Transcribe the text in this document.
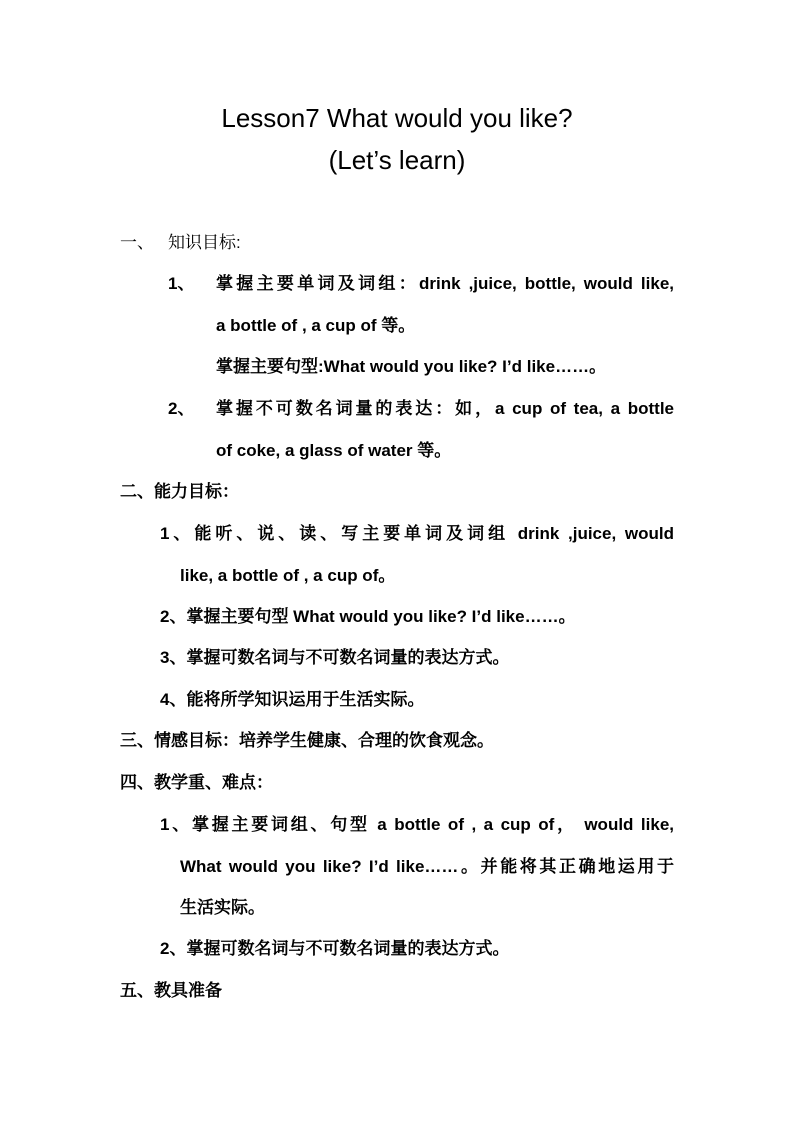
Lesson7 What would you like?
(Let’s learn)
一、 知识目标:
1、 掌握主要单词及词组：drink ,juice, bottle, would like,
a bottle of , a cup of 等。
掌握主要句型:What would you like? I’d like……。
2、 掌握不可数名词量的表达：如，a cup of tea, a bottle
of coke, a glass of water 等。
二、能力目标：
1、能听、说、读、写主要单词及词组 drink ,juice, would
like, a bottle of , a cup of。
2、掌握主要句型 What would you like? I’d like……。
3、掌握可数名词与不可数名词量的表达方式。
4、能将所学知识运用于生活实际。
三、情感目标：培养学生健康、合理的饮食观念。
四、教学重、难点：
1、掌握主要词组、句型 a bottle of , a cup of， would like,
What would you like? I’d like……。并能将其正确地运用于
生活实际。
2、掌握可数名词与不可数名词量的表达方式。
五、教具准备
